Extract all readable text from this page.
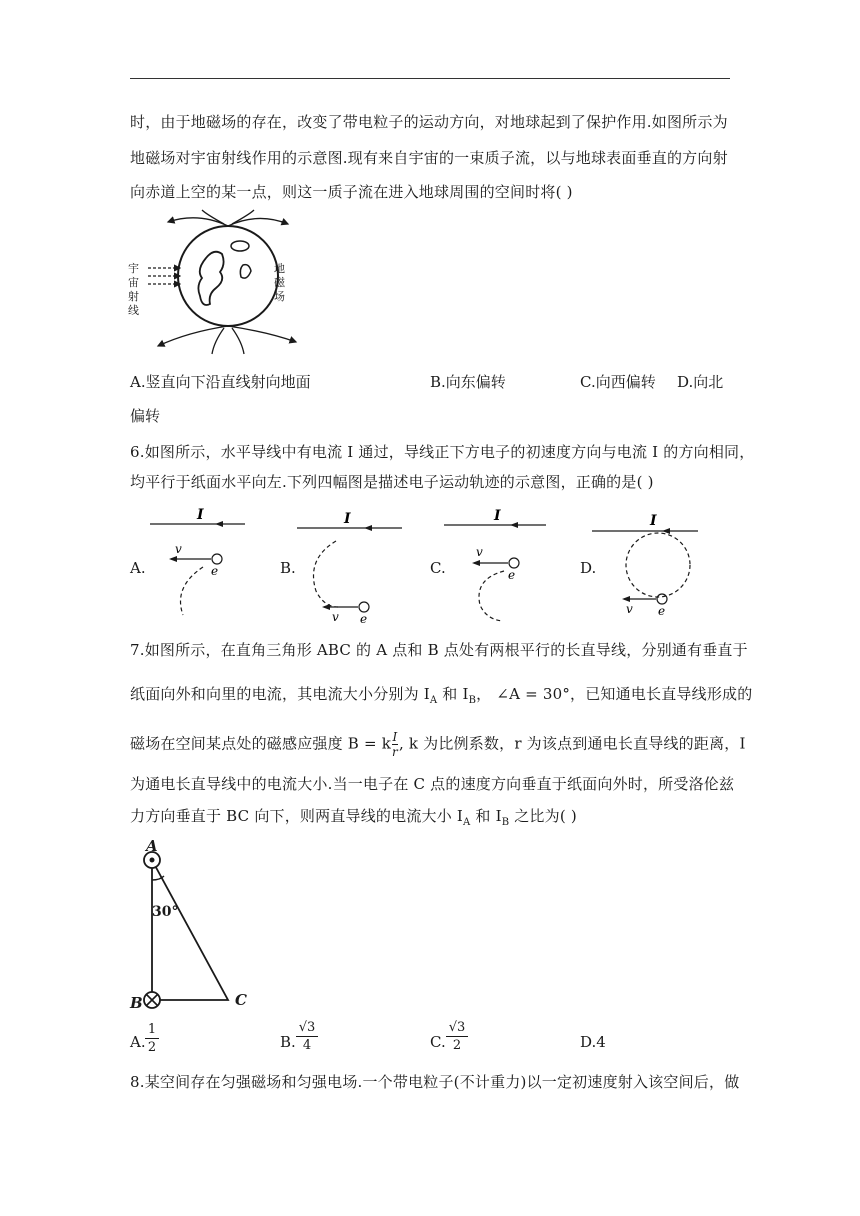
时，由于地磁场的存在，改变了带电粒子的运动方向，对地球起到了保护作用.如图所示为
地磁场对宇宙射线作用的示意图.现有来自宇宙的一束质子流，以与地球表面垂直的方向射
向赤道上空的某一点，则这一质子流在进入地球周围的空间时将( )
宇宙射线
地磁场
A.竖直向下沿直线射向地面	B.向东偏转	C.向西偏转 D.向北
偏转
6.如图所示，水平导线中有电流 I 通过，导线正下方电子的初速度方向与电流 I 的方向相同，
均平行于纸面水平向左.下列四幅图是描述电子运动轨迹的示意图，正确的是( )
A.	B.	C.	D.
I
v
e
I
v e
I
v
e
I
v e
7.如图所示，在直角三角形 ABC 的 A 点和 B 点处有两根平行的长直导线，分别通有垂直于
纸面向外和向里的电流，其电流大小分别为 $I_A$ 和 $I_B$， ∠A = 30°，已知通电长直导线形成的
磁场在空间某点处的磁感应强度 B = k $\frac{I}{r}$ , k 为比例系数，r 为该点到通电长直导线的距离，I
为通电长直导线中的电流大小.当一电子在 C 点的速度方向垂直于纸面向外时，所受洛伦兹
力方向垂直于 BC 向下，则两直导线的电流大小 $I_A$ 和 $I_B$ 之比为( )
A
B	C
30°
A.
1
2	B.
√3
4	C.
√3
2	D.4
8.某空间存在匀强磁场和匀强电场.一个带电粒子(不计重力)以一定初速度射入该空间后，做
